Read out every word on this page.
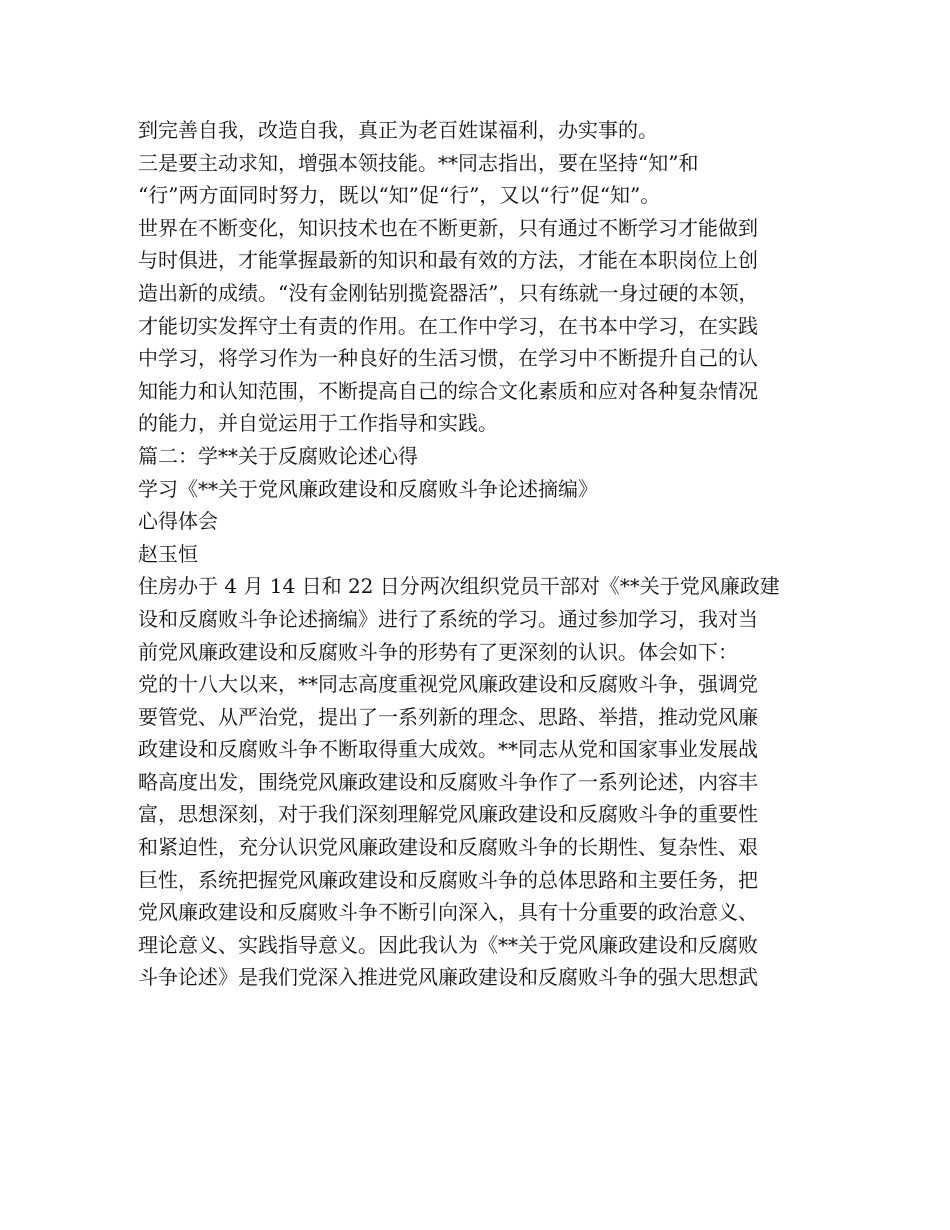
到完善自我，改造自我，真正为老百姓谋福利，办实事的。
三是要主动求知，增强本领技能。**同志指出，要在坚持“知”和
“行”两方面同时努力，既以“知”促“行”，又以“行”促“知”。
世界在不断变化，知识技术也在不断更新，只有通过不断学习才能做到
与时俱进，才能掌握最新的知识和最有效的方法，才能在本职岗位上创
造出新的成绩。“没有金刚钻别揽瓷器活”，只有练就一身过硬的本领，
才能切实发挥守土有责的作用。在工作中学习，在书本中学习，在实践
中学习，将学习作为一种良好的生活习惯，在学习中不断提升自己的认
知能力和认知范围，不断提高自己的综合文化素质和应对各种复杂情况
的能力，并自觉运用于工作指导和实践。
篇二：学**关于反腐败论述心得
学习《**关于党风廉政建设和反腐败斗争论述摘编》
心得体会
赵玉恒
住房办于 4 月 14 日和 22 日分两次组织党员干部对《**关于党风廉政建
设和反腐败斗争论述摘编》进行了系统的学习。通过参加学习，我对当
前党风廉政建设和反腐败斗争的形势有了更深刻的认识。体会如下：
党的十八大以来，**同志高度重视党风廉政建设和反腐败斗争，强调党
要管党、从严治党，提出了一系列新的理念、思路、举措，推动党风廉
政建设和反腐败斗争不断取得重大成效。**同志从党和国家事业发展战
略高度出发，围绕党风廉政建设和反腐败斗争作了一系列论述，内容丰
富，思想深刻，对于我们深刻理解党风廉政建设和反腐败斗争的重要性
和紧迫性，充分认识党风廉政建设和反腐败斗争的长期性、复杂性、艰
巨性，系统把握党风廉政建设和反腐败斗争的总体思路和主要任务，把
党风廉政建设和反腐败斗争不断引向深入，具有十分重要的政治意义、
理论意义、实践指导意义。因此我认为《**关于党风廉政建设和反腐败
斗争论述》是我们党深入推进党风廉政建设和反腐败斗争的强大思想武
